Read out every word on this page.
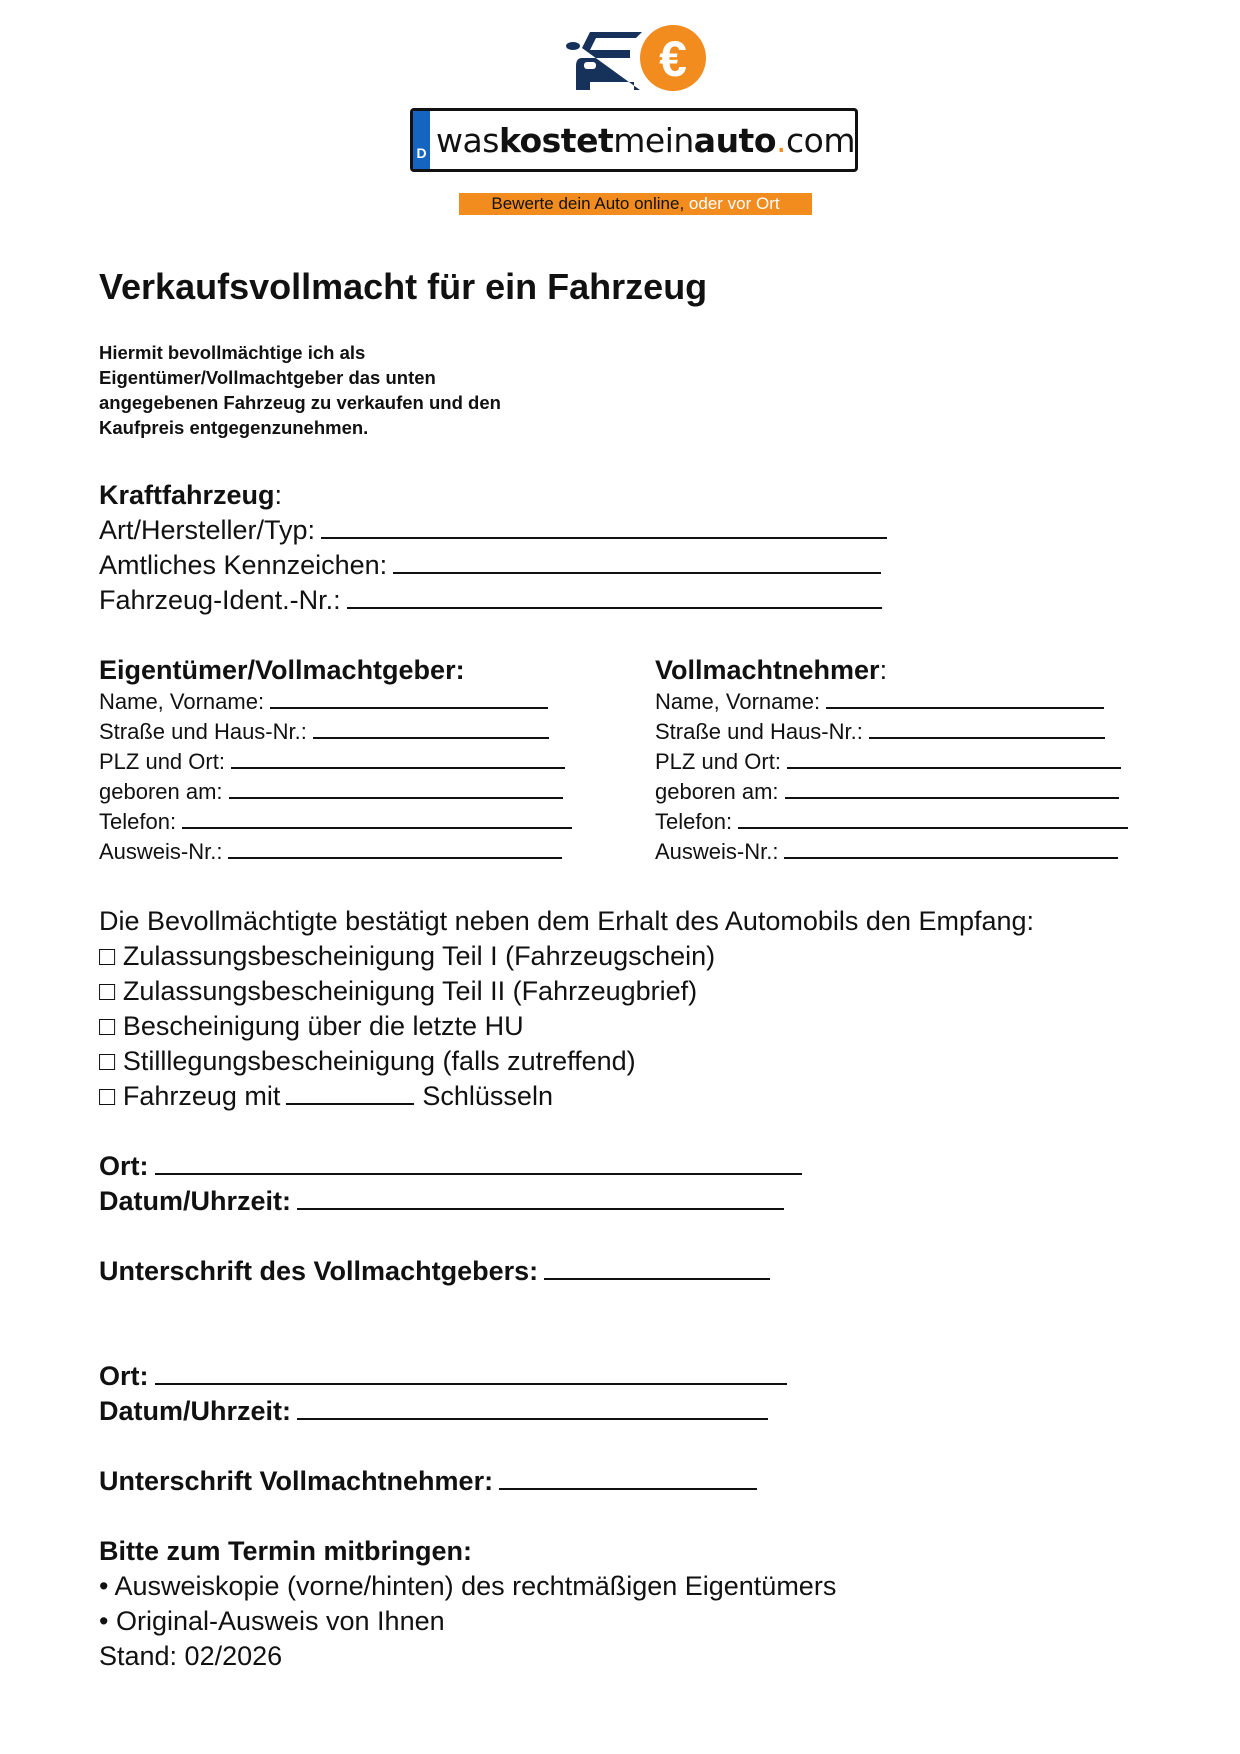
€
D waskostetmeinauto.com
Bewerte dein Auto online, oder vor Ort
Verkaufsvollmacht für ein Fahrzeug
Hiermit bevollmächtige ich als Eigentümer/Vollmachtgeber das unten angegebenen Fahrzeug zu verkaufen und den Kaufpreis entgegenzunehmen.
Kraftfahrzeug:
Art/Hersteller/Typ:
Amtliches Kennzeichen:
Fahrzeug-Ident.-Nr.:
Eigentümer/Vollmachtgeber:	Vollmachtnehmer:
Name, Vorname:
Straße und Haus-Nr.:
PLZ und Ort:
geboren am:
Telefon:
Ausweis-Nr.:
Name, Vorname:
Straße und Haus-Nr.:
PLZ und Ort:
geboren am:
Telefon:
Ausweis-Nr.:
Die Bevollmächtigte bestätigt neben dem Erhalt des Automobils den Empfang:
□ Zulassungsbescheinigung Teil I (Fahrzeugschein)
□ Zulassungsbescheinigung Teil II (Fahrzeugbrief)
□ Bescheinigung über die letzte HU
□ Stilllegungsbescheinigung (falls zutreffend)
□ Fahrzeug mit	Schlüsseln
Ort:
Datum/Uhrzeit:
Unterschrift des Vollmachtgebers:
Ort:
Datum/Uhrzeit:
Unterschrift Vollmachtnehmer:
Bitte zum Termin mitbringen:
• Ausweiskopie (vorne/hinten) des rechtmäßigen Eigentümers
• Original-Ausweis von Ihnen
Stand: 02/2026
